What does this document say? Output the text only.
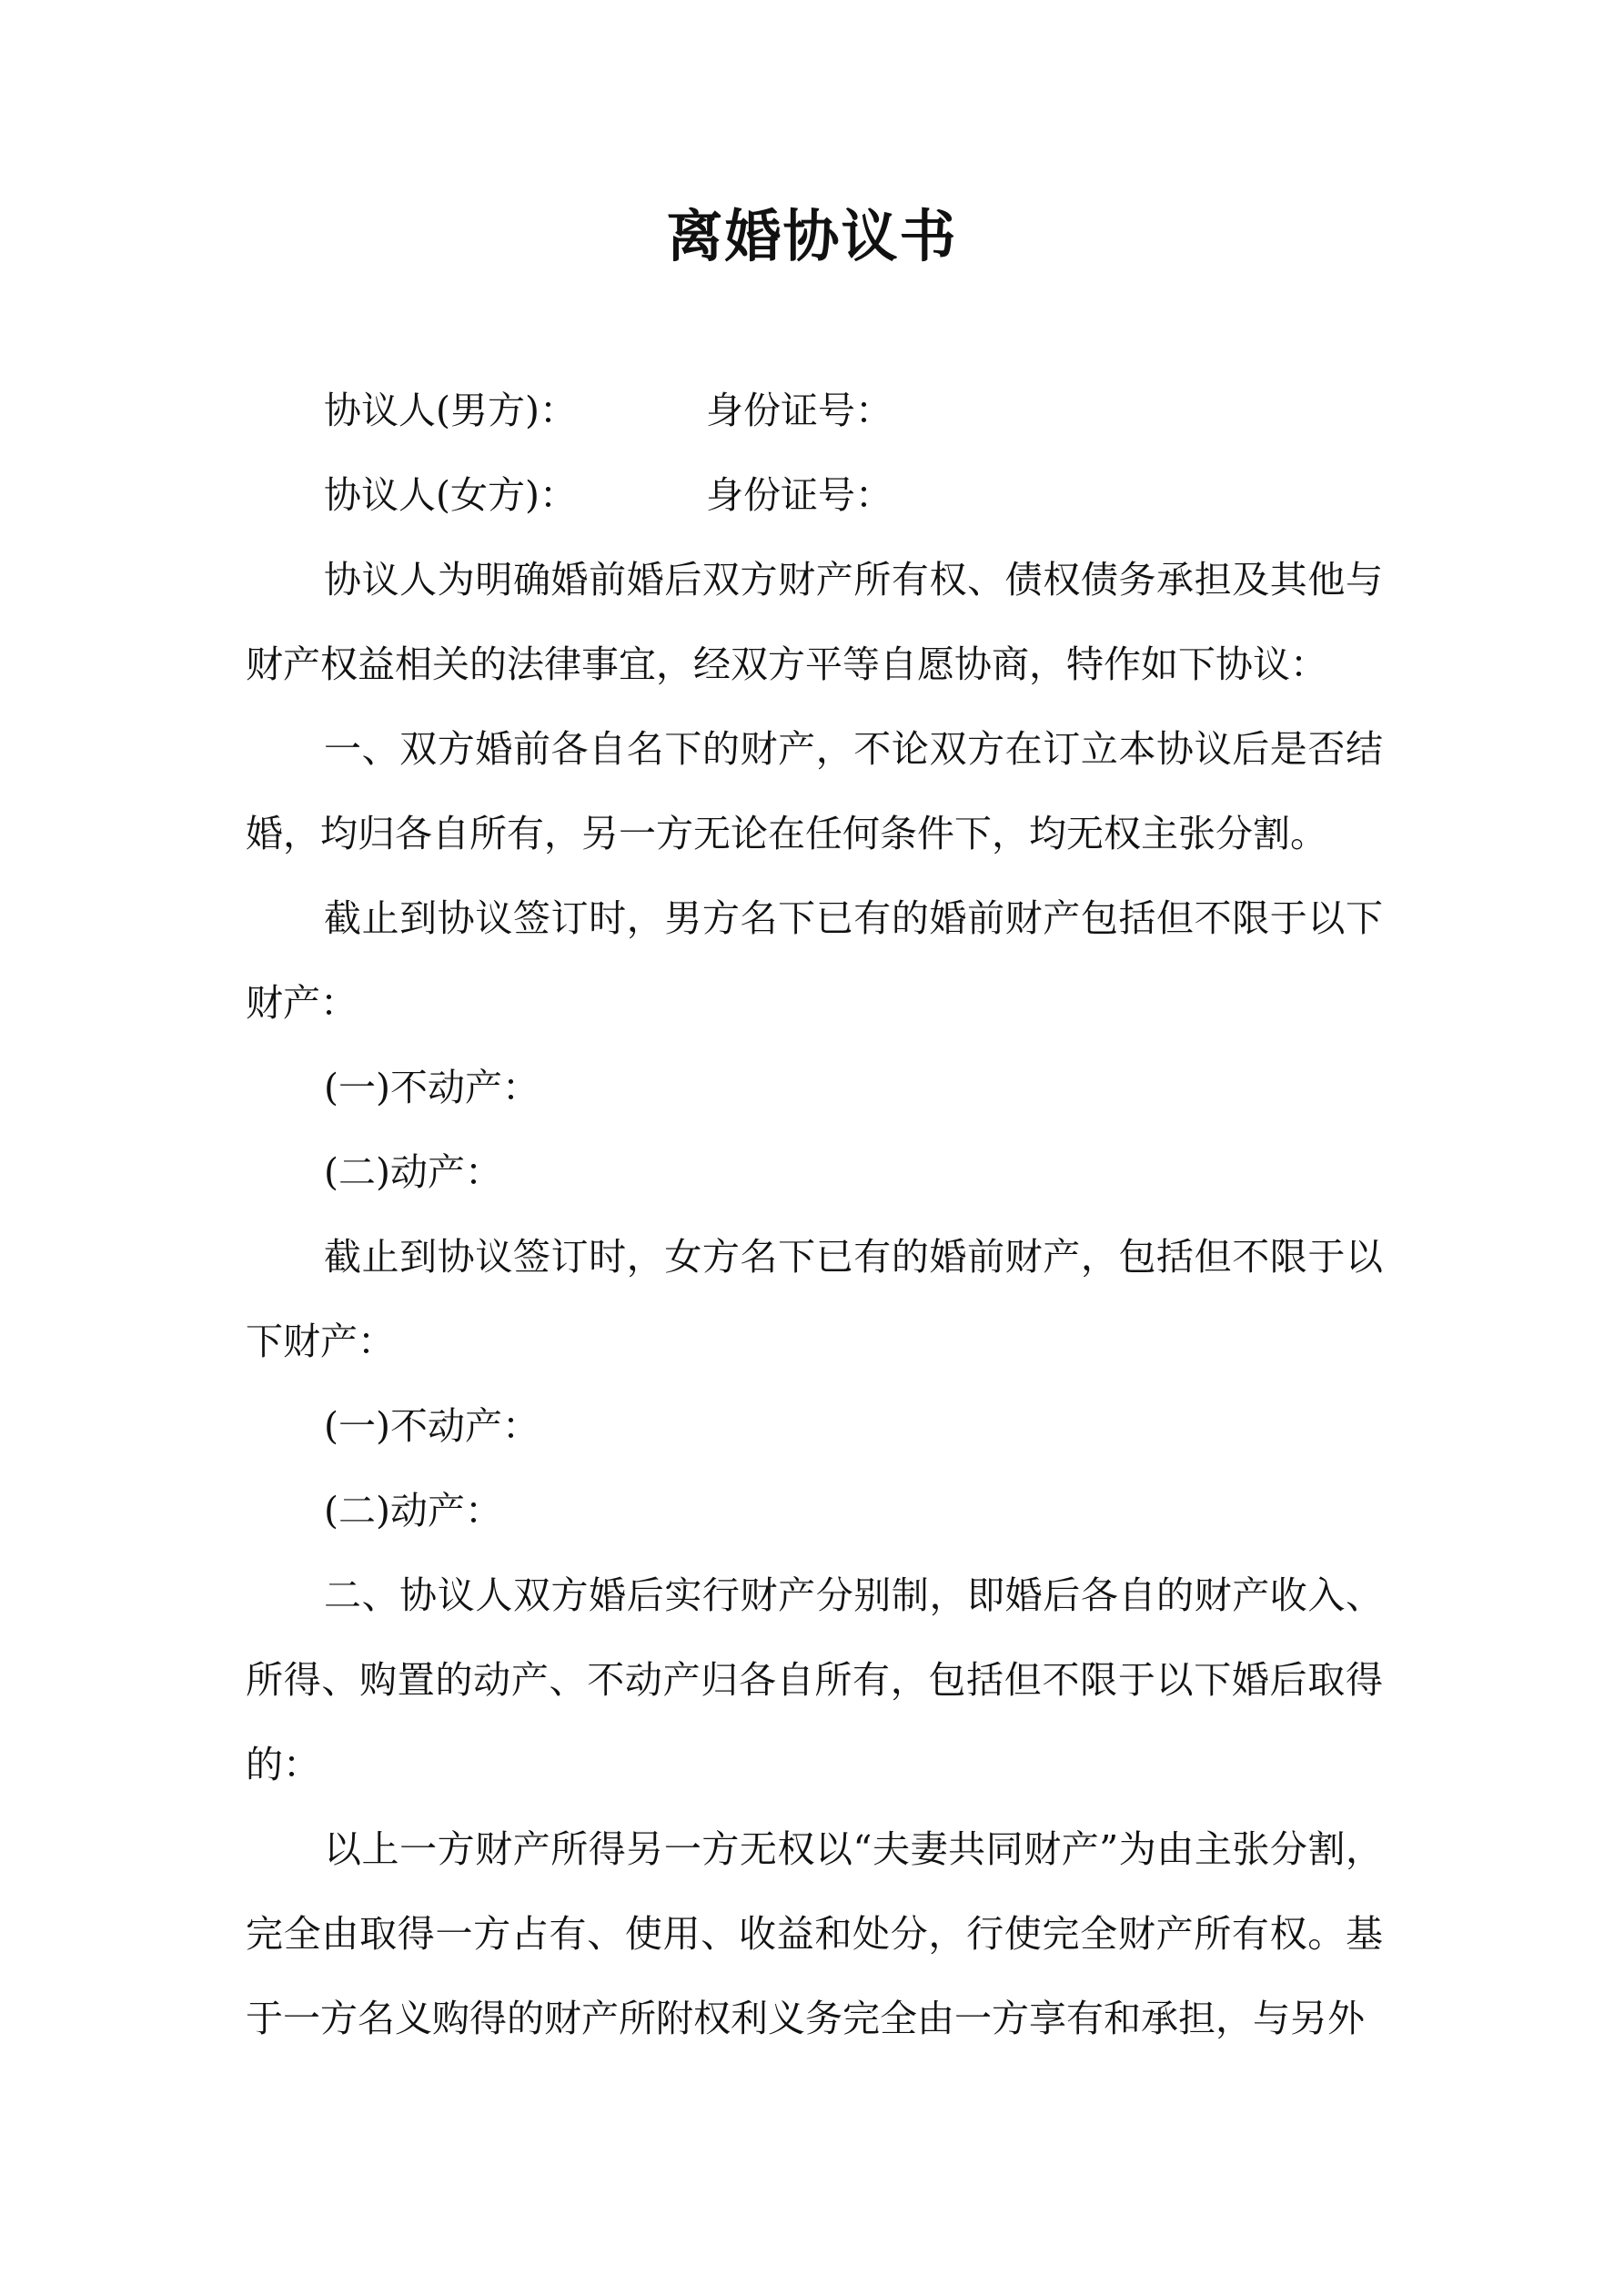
离婚协议书
协议人(男方)：	身份证号：
协议人(女方)：	身份证号：

协议人为明确婚前婚后双方财产所有权、债权债务承担及其他与财产权益相关的法律事宜，经双方平等自愿协商，特作如下协议：

一、双方婚前各自名下的财产，不论双方在订立本协议后是否结婚，均归各自所有，另一方无论在任何条件下，均无权主张分割。

截止到协议签订时，男方名下已有的婚前财产包括但不限于以下财产：

(一)不动产：

(二)动产：

截止到协议签订时，女方名下已有的婚前财产，包括但不限于以下财产：

(一)不动产：

(二)动产：

二、协议人双方婚后实行财产分别制，即婚后各自的财产收入、所得、购置的动产、不动产归各自所有，包括但不限于以下婚后取得的：

以上一方财产所得另一方无权以“夫妻共同财产”为由主张分割，完全由取得一方占有、使用、收益和处分，行使完全财产所有权。基于一方名义购得的财产所附权利义务完全由一方享有和承担，与另外
